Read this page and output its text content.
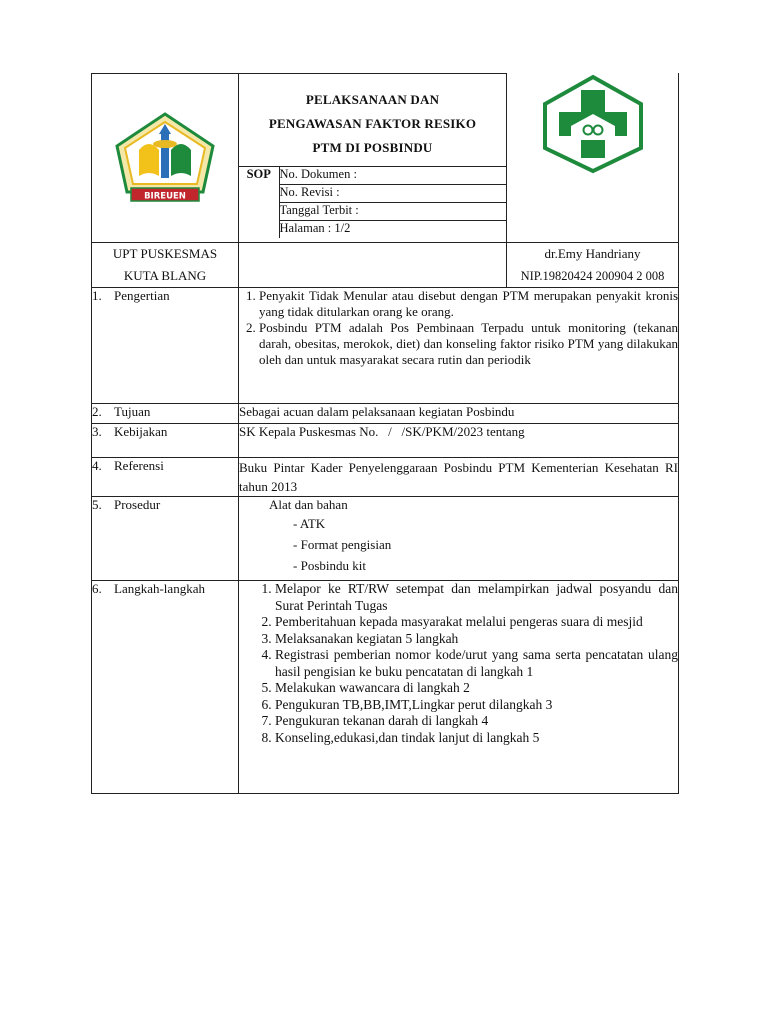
BIREUEN

PELAKSANAAN DAN
PENGAWASAN FAKTOR RESIKO
PTM DI POSBINDU
SOP	No. Dokumen :
No. Revisi :
Tanggal Terbit :
Halaman : 1/2

UPT PUSKESMAS
KUTA BLANG

dr.Emy Handriany
NIP.19820424 200904 2 008

1. Pengertian	
1.Penyakit Tidak Menular atau disebut dengan PTM merupakan penyakit kronis yang tidak ditularkan orang ke orang.
2. Posbindu PTM adalah Pos Pembinaan Terpadu untuk monitoring (tekanan darah, obesitas, merokok, diet) dan konseling faktor risiko PTM yang dilakukan oleh dan untuk masyarakat secara rutin dan periodik

2. Tujuan	Sebagai acuan dalam pelaksanaan kegiatan Posbindu
3. Kebijakan	SK Kepala Puskesmas No.   /   /SK/PKM/2023 tentang
4. Referensi	Buku Pintar Kader Penyelenggaraan Posbindu PTM Kementerian Kesehatan RI tahun 2013
5. Prosedur	Alat dan bahan
- ATK
- Format pengisian
- Posbindu kit

6. Langkah-langkah	
1.Melapor ke RT/RW setempat dan melampirkan jadwal posyandu dan Surat Perintah Tugas
2. Pemberitahuan kepada masyarakat melalui pengeras suara di mesjid
3. Melaksanakan kegiatan 5 langkah
4. Registrasi pemberian nomor kode/urut yang sama serta pencatatan ulang hasil pengisian ke buku pencatatan di langkah 1
5. Melakukan wawancara di langkah 2
6. Pengukuran TB,BB,IMT,Lingkar perut dilangkah 3
7. Pengukuran tekanan darah di langkah 4
8. Konseling,edukasi,dan tindak lanjut di langkah 5
